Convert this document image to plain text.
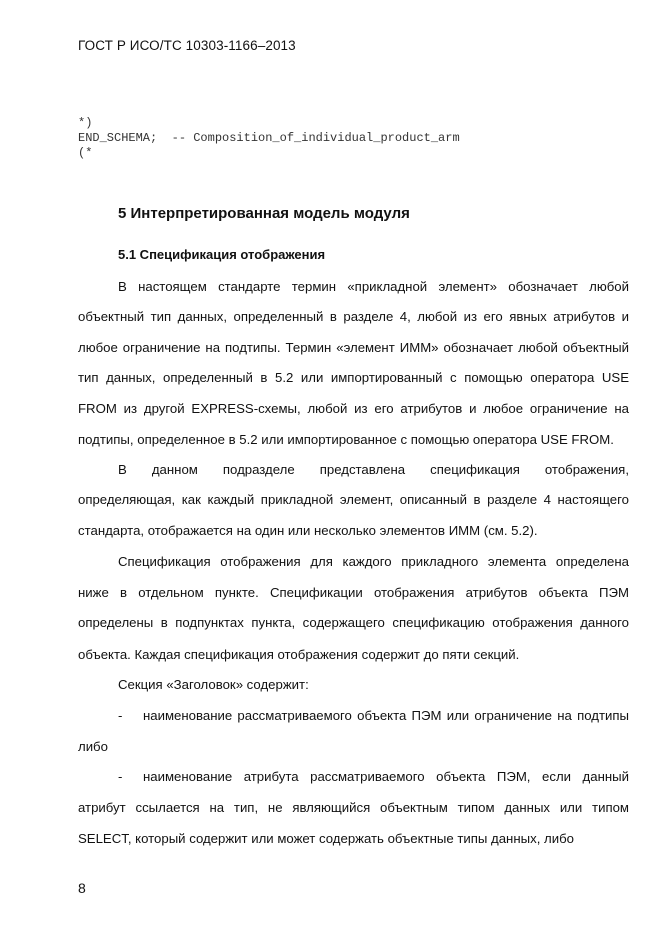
ГОСТ Р ИСО/ТС 10303-1166–2013
*)
END_SCHEMA;  -- Composition_of_individual_product_arm
(*
5 Интерпретированная модель модуля
5.1 Спецификация отображения
В настоящем стандарте термин «прикладной элемент» обозначает любой
объектный тип данных, определенный в разделе 4, любой из его явных атрибутов и
любое ограничение на подтипы. Термин «элемент ИММ» обозначает любой объектный
тип данных, определенный в 5.2 или импортированный с помощью оператора USE
FROM из другой EXPRESS-схемы, любой из его атрибутов и любое ограничение на
подтипы, определенное в 5.2 или импортированное с помощью оператора USE FROM.
В данном подразделе представлена спецификация отображения,
определяющая, как каждый прикладной элемент, описанный в разделе 4 настоящего
стандарта, отображается на один или несколько элементов ИММ (см. 5.2).
Спецификация отображения для каждого прикладного элемента определена
ниже в отдельном пункте. Спецификации отображения атрибутов объекта ПЭМ
определены в подпунктах пункта, содержащего спецификацию отображения данного
объекта. Каждая спецификация отображения содержит до пяти секций.
Секция «Заголовок» содержит:
- наименование рассматриваемого объекта ПЭМ или ограничение на подтипы
либо
- наименование атрибута рассматриваемого объекта ПЭМ, если данный
атрибут ссылается на тип, не являющийся объектным типом данных или типом
SELECT, который содержит или может содержать объектные типы данных, либо
8
